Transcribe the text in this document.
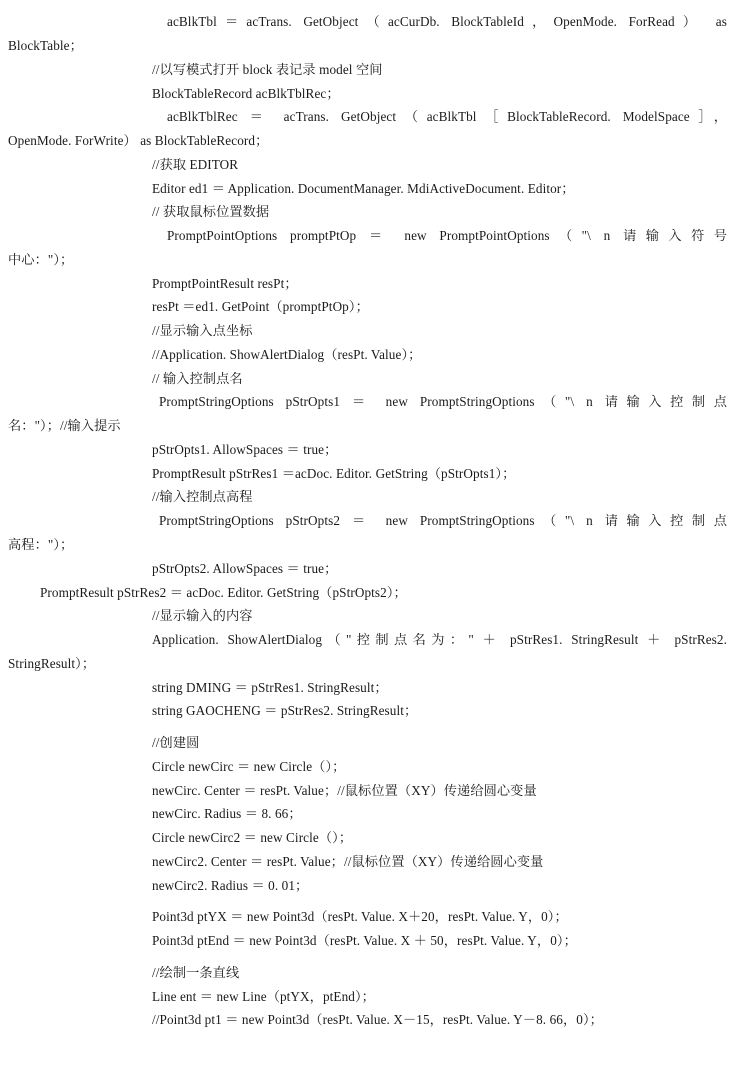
acBlkTbl＝acTrans. GetObject（acCurDb. BlockTableId，OpenMode. ForRead） as
BlockTable；
//以写模式打开 block 表记录 model 空间
BlockTableRecord acBlkTblRec；
acBlkTblRec ＝ acTrans. GetObject（acBlkTbl［BlockTableRecord. ModelSpace］，
OpenMode. ForWrite） as BlockTableRecord；
//获取 EDITOR
Editor ed1 ＝ Application. DocumentManager. MdiActiveDocument. Editor；
// 获取鼠标位置数据
PromptPointOptions promptPtOp ＝ new PromptPointOptions（"\ n 请输入符号
中心："）；
PromptPointResult resPt；
resPt ＝ed1. GetPoint（promptPtOp）；
//显示输入点坐标
//Application. ShowAlertDialog（resPt. Value）；
// 输入控制点名
PromptStringOptions pStrOpts1 ＝ new PromptStringOptions（"\ n 请输入控制点
名："）；//输入提示
pStrOpts1. AllowSpaces ＝ true；
PromptResult pStrRes1 ＝acDoc. Editor. GetString（pStrOpts1）；
//输入控制点高程
PromptStringOptions pStrOpts2 ＝ new PromptStringOptions（"\ n 请输入控制点
高程："）；
pStrOpts2. AllowSpaces ＝ true；
PromptResult pStrRes2 ＝ acDoc. Editor. GetString（pStrOpts2）；
//显示输入的内容
Application. ShowAlertDialog（"控制点名为：" ＋ pStrRes1. StringResult ＋ pStrRes2.
StringResult）；
string DMING ＝ pStrRes1. StringResult；
string GAOCHENG ＝ pStrRes2. StringResult；
//创建圆
Circle newCirc ＝ new Circle（）；
newCirc. Center ＝ resPt. Value；//鼠标位置（XY）传递给圆心变量
newCirc. Radius ＝ 8. 66；
Circle newCirc2 ＝ new Circle（）；
newCirc2. Center ＝ resPt. Value；//鼠标位置（XY）传递给圆心变量
newCirc2. Radius ＝ 0. 01；
Point3d ptYX ＝ new Point3d（resPt. Value. X＋20，resPt. Value. Y，0）；
Point3d ptEnd ＝ new Point3d（resPt. Value. X ＋ 50，resPt. Value. Y，0）；
//绘制一条直线
Line ent ＝ new Line（ptYX，ptEnd）；
//Point3d pt1 ＝ new Point3d（resPt. Value. X－15，resPt. Value. Y－8. 66，0）；
